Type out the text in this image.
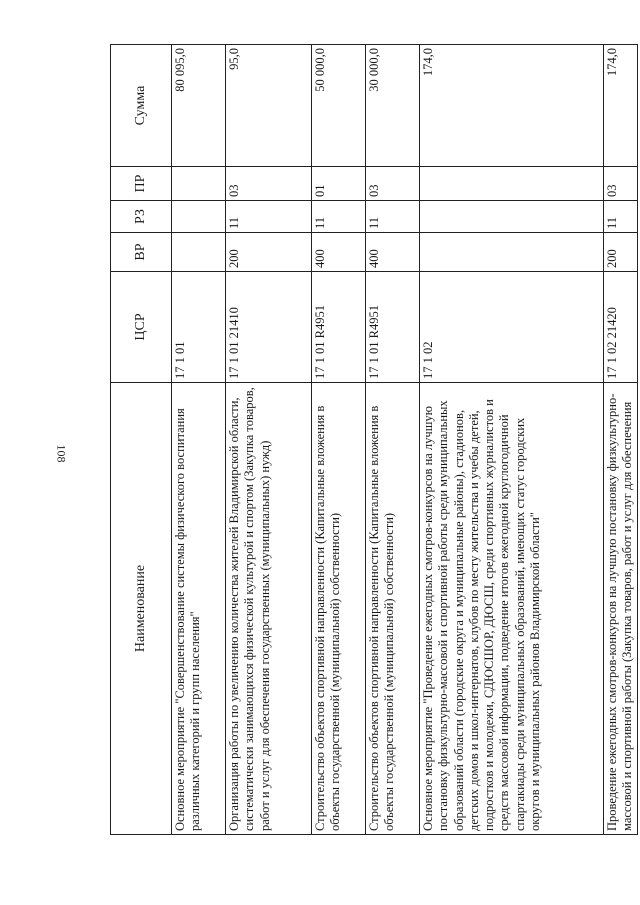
108
Наименование	ЦСР	ВР	РЗ	ПР	Сумма
Основное мероприятие "Совершенствование системы физического воспитания различных категорий и групп населения"	17 1 01				80 095,0
Организация работы по увеличению количества жителей Владимирской области, систематически занимающихся физической культурой и спортом (Закупка товаров, работ и услуг для обеспечения государственных (муниципальных) нужд)	17 1 01 21410	200	11	03	95,0
Строительство объектов спортивной направленности (Капитальные вложения в объекты государственной (муниципальной) собственности)	17 1 01 R4951	400	11	01	50 000,0
Строительство объектов спортивной направленности (Капитальные вложения в объекты государственной (муниципальной) собственности)	17 1 01 R4951	400	11	03	30 000,0
Основное мероприятие "Проведение ежегодных смотров-конкурсов на лучшую постановку физкультурно-массовой и спортивной работы среди муниципальных образований области (городские округа и муниципальные районы), стадионов, детских домов и школ-интернатов, клубов по месту жительства и учебы детей, подростков и молодежи, СДЮСШОР, ДЮСШ, среди спортивных журналистов и средств массовой информации, подведение итогов ежегодной круглогодичной спартакиады среди муниципальных образований, имеющих статус городских округов и муниципальных районов Владимирской области"	17 1 02				174,0
Проведение ежегодных смотров-конкурсов на лучшую постановку физкультурно-массовой и спортивной работы (Закупка товаров, работ и услуг для обеспечения	17 1 02 21420	200	11	03	174,0
